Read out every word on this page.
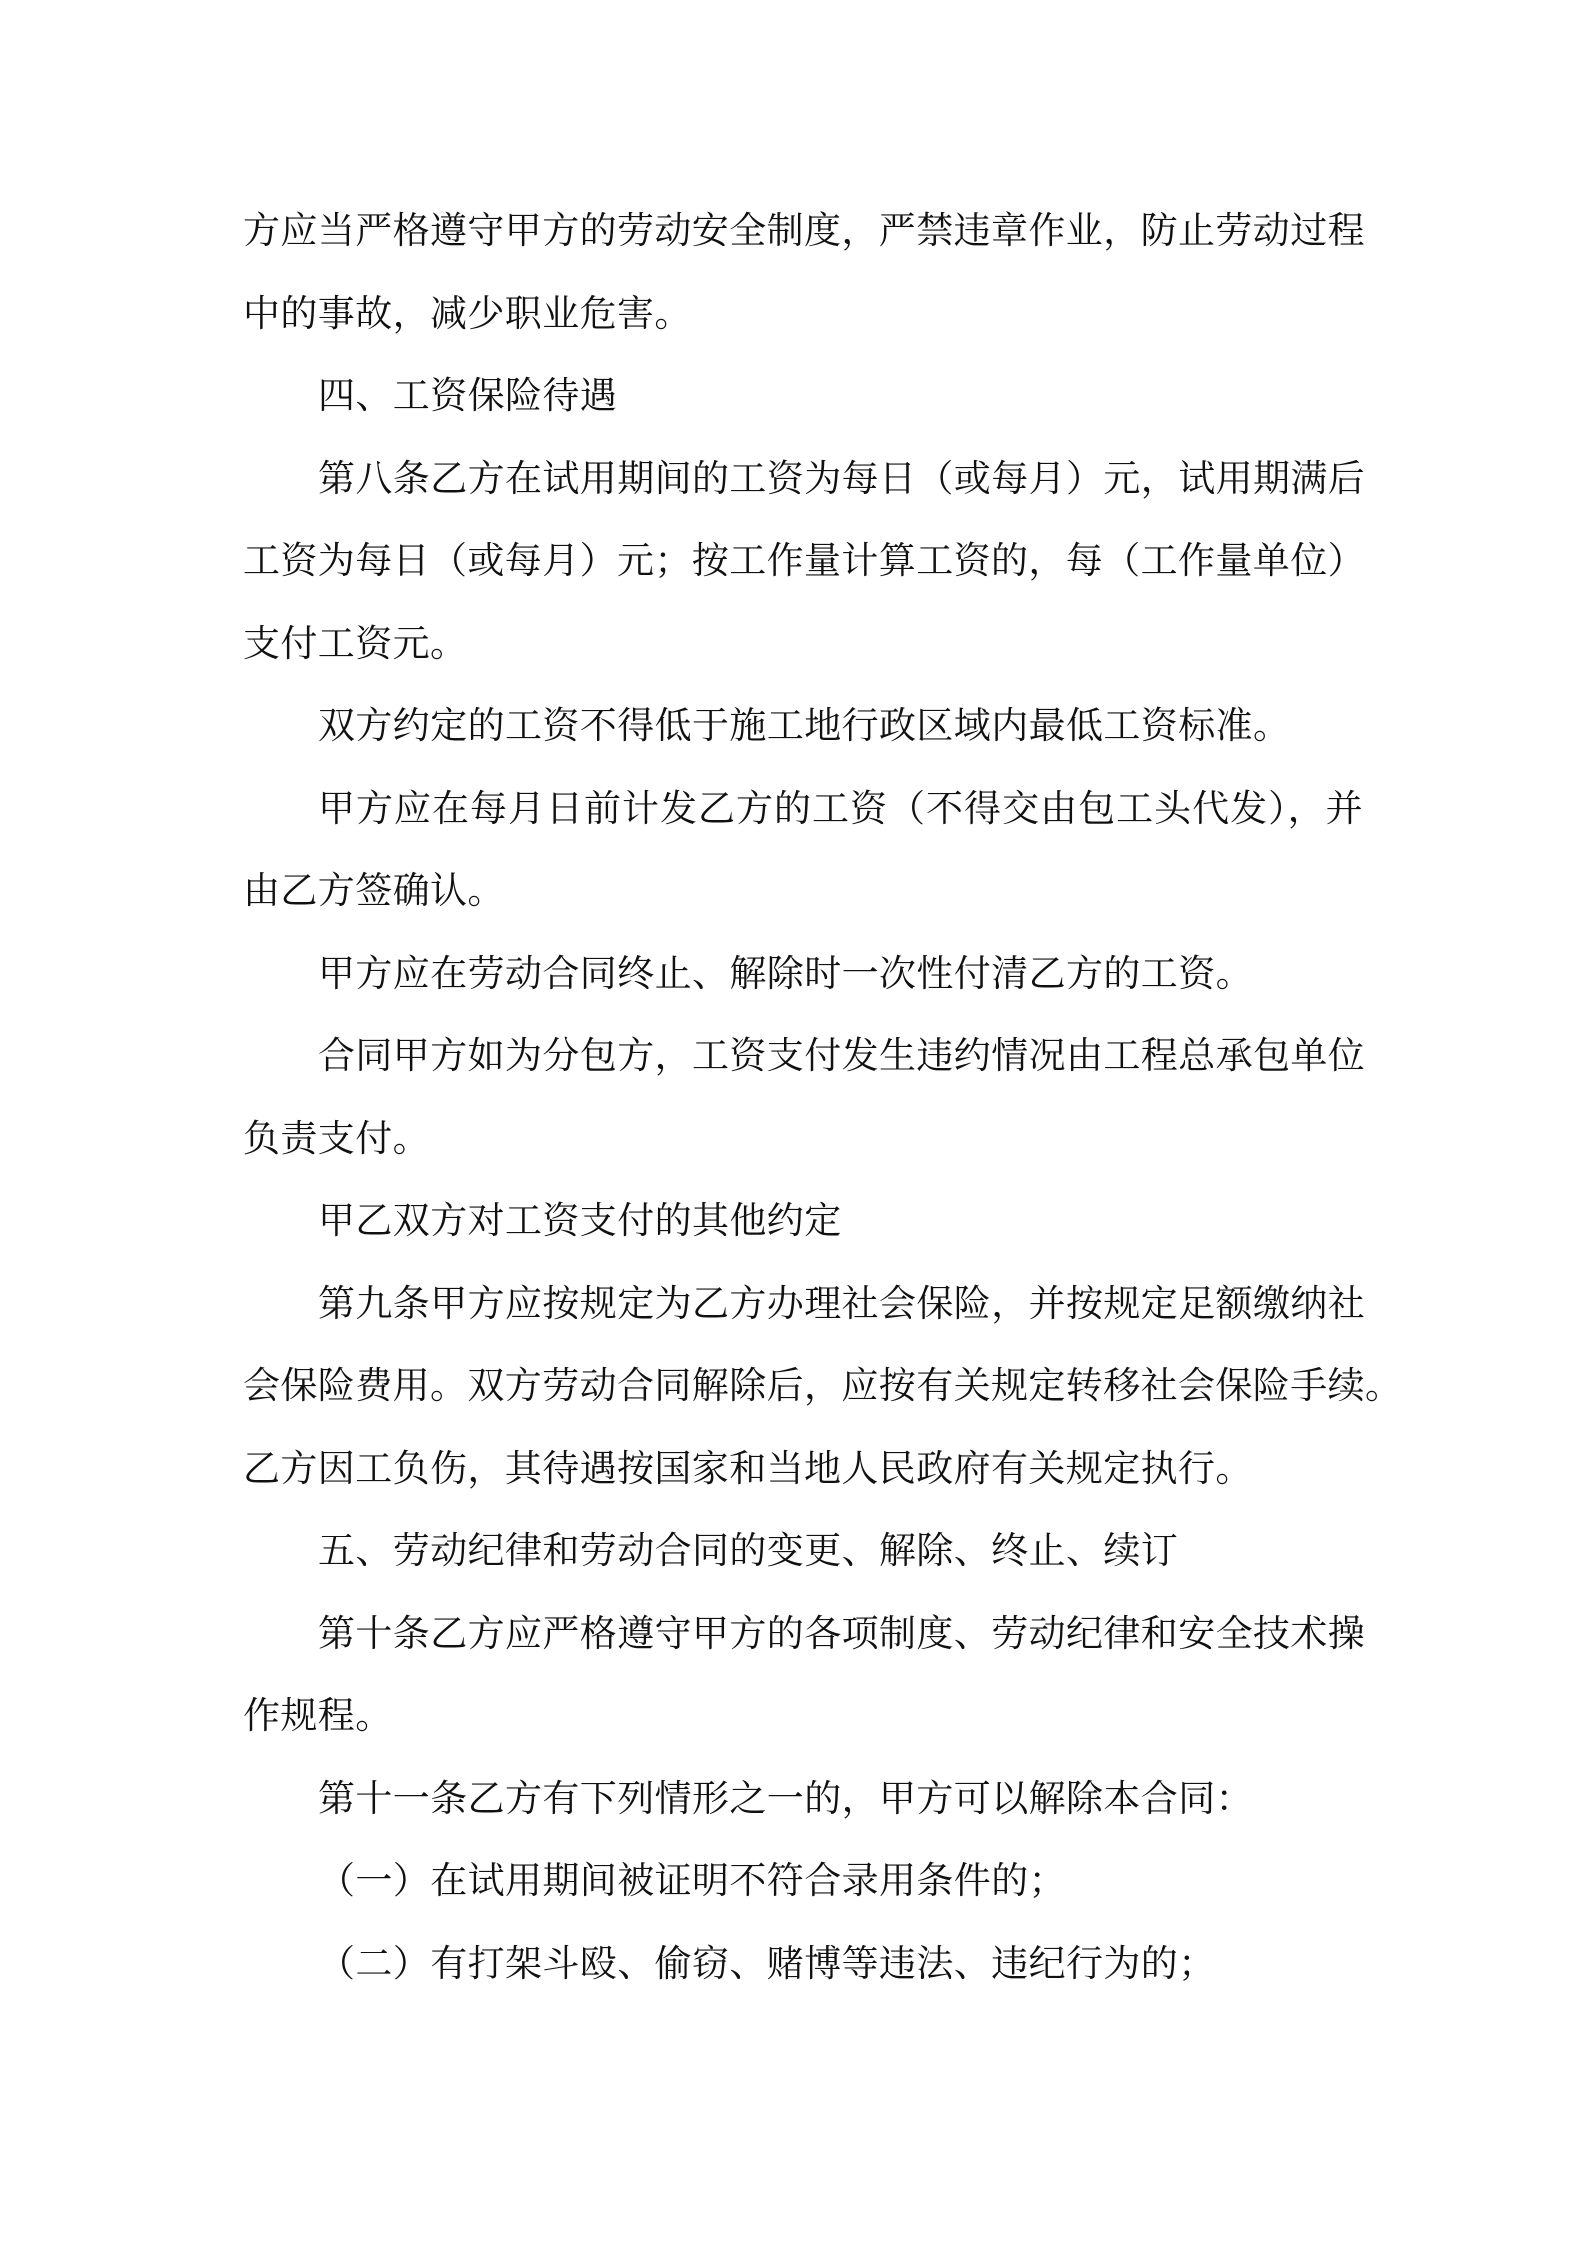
方应当严格遵守甲方的劳动安全制度，严禁违章作业，防止劳动过程
中的事故，减少职业危害。
四、工资保险待遇
第八条乙方在试用期间的工资为每日（或每月）元，试用期满后
工资为每日（或每月）元；按工作量计算工资的，每（工作量单位）
支付工资元。
双方约定的工资不得低于施工地行政区域内最低工资标准。
甲方应在每月日前计发乙方的工资（不得交由包工头代发），并
由乙方签确认。
甲方应在劳动合同终止、解除时一次性付清乙方的工资。
合同甲方如为分包方，工资支付发生违约情况由工程总承包单位
负责支付。
甲乙双方对工资支付的其他约定
第九条甲方应按规定为乙方办理社会保险，并按规定足额缴纳社
会保险费用。双方劳动合同解除后，应按有关规定转移社会保险手续。
乙方因工负伤，其待遇按国家和当地人民政府有关规定执行。
五、劳动纪律和劳动合同的变更、解除、终止、续订
第十条乙方应严格遵守甲方的各项制度、劳动纪律和安全技术操
作规程。
第十一条乙方有下列情形之一的，甲方可以解除本合同：
（一）在试用期间被证明不符合录用条件的；
（二）有打架斗殴、偷窃、赌博等违法、违纪行为的；
